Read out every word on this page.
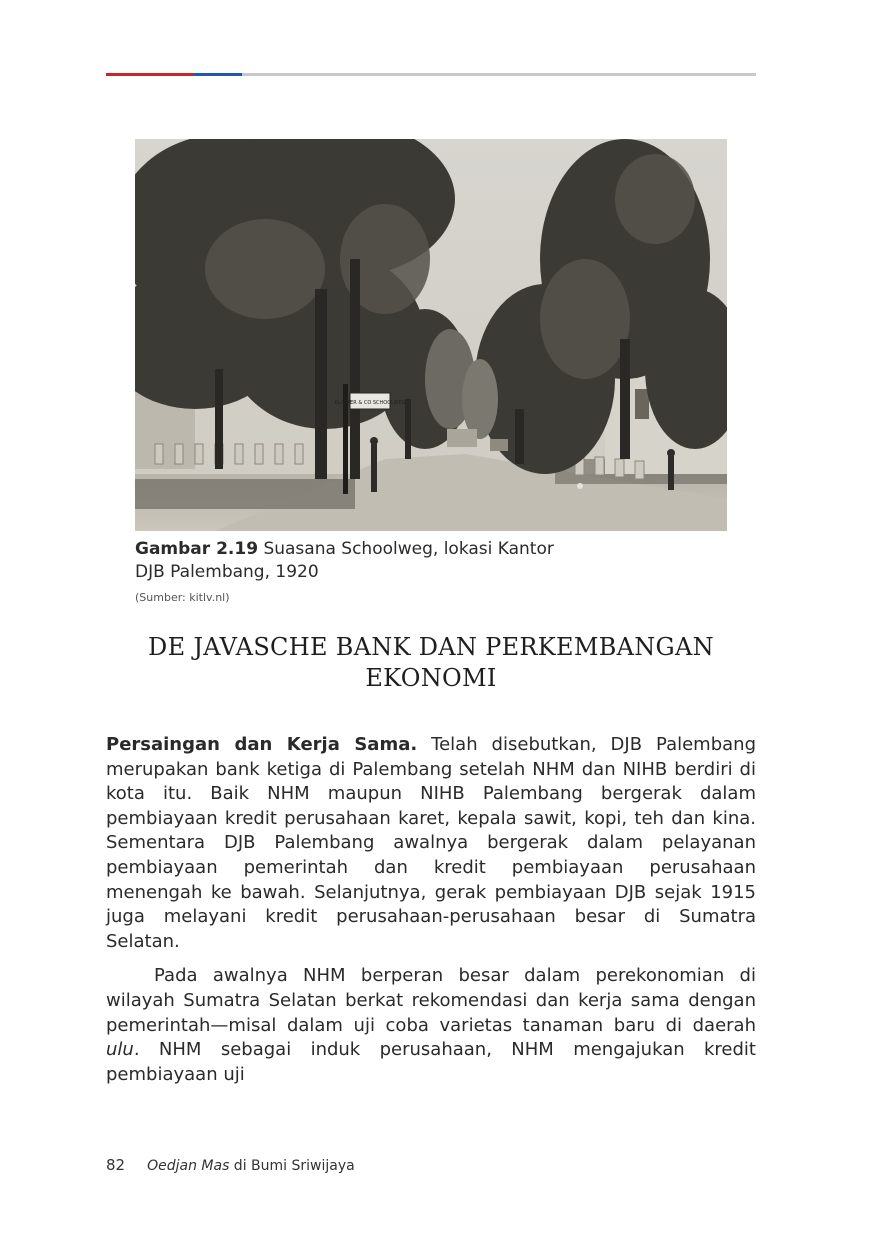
KLAPPER & CO SCHOOLWEG
Gambar 2.19 Suasana Schoolweg, lokasi Kantor
DJB Palembang, 1920
(Sumber: kitlv.nl)
DE JAVASCHE BANK DAN PERKEMBANGAN
EKONOMI

Persaingan dan Kerja Sama. Telah disebutkan, DJB Palembang merupakan bank ketiga di Palembang setelah NHM dan NIHB berdiri di kota itu. Baik NHM maupun NIHB Palembang bergerak dalam pembiayaan kredit perusahaan karet, kepala sawit, kopi, teh dan kina. Sementara DJB Palembang awalnya bergerak dalam pelayanan pembiayaan pemerintah dan kredit pembiayaan perusahaan menengah ke bawah. Selanjutnya, gerak pembiayaan DJB sejak 1915 juga melayani kredit perusahaan-perusahaan besar di Sumatra Selatan.

Pada awalnya NHM berperan besar dalam perekonomian di wilayah Sumatra Selatan berkat rekomendasi dan kerja sama dengan pemerintah—misal dalam uji coba varietas tanaman baru di daerah ulu. NHM sebagai induk perusahaan, NHM mengajukan kredit pembiayaan uji

82 Oedjan Mas di Bumi Sriwijaya
